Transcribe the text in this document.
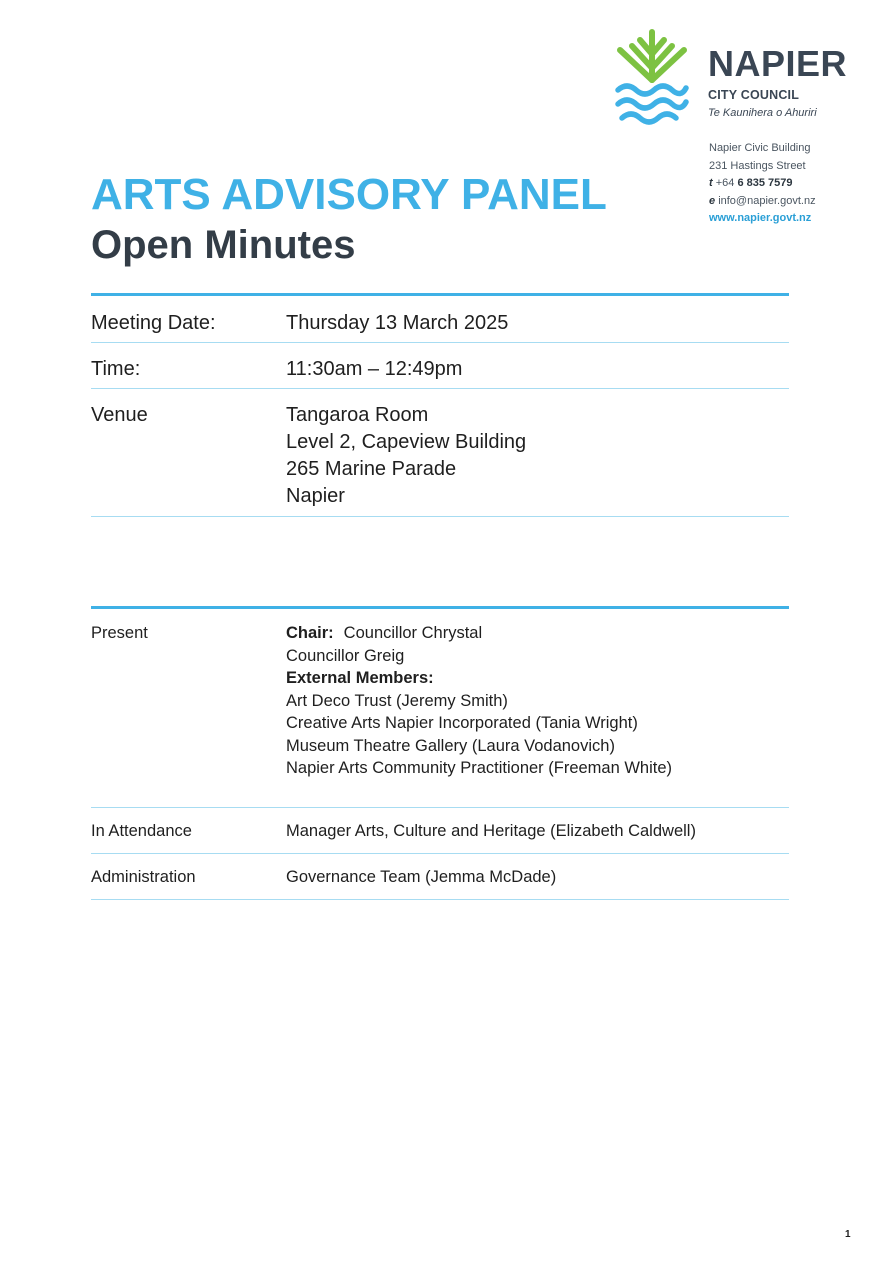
NAPIER
CITY COUNCIL
Te Kaunihera o Ahuriri
Napier Civic Building
231 Hastings Street
t +64 6 835 7579
e info@napier.govt.nz
www.napier.govt.nz
ARTS ADVISORY PANEL
Open Minutes
Meeting Date:	Thursday 13 March 2025
Time:	11:30am – 12:49pm
Venue	Tangaroa Room
Level 2, Capeview Building
265 Marine Parade
Napier
Present	Chair: Councillor Chrystal
Councillor Greig
External Members:
Art Deco Trust (Jeremy Smith)
Creative Arts Napier Incorporated (Tania Wright)
Museum Theatre Gallery (Laura Vodanovich)
Napier Arts Community Practitioner (Freeman White)
In Attendance	Manager Arts, Culture and Heritage (Elizabeth Caldwell)
Administration	Governance Team (Jemma McDade)
1
